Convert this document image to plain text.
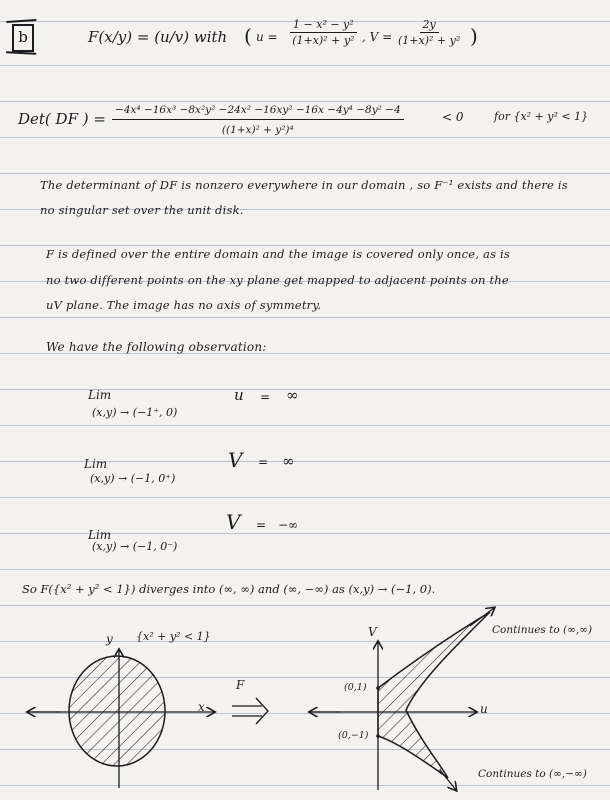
b	F(x/y) = (u/v) with ( $u = \frac{\text{1 − x² − y²}}{\text{(1+x)² + y²}}$ , $V = \frac{2y}{\text{(1+x)² + y²}}$ )
Det( DF ) = $\frac{\text{−4x⁴ −16x³ −8x²y² −24x² −16xy² −16x −4y⁴ −8y² −4}}{\text{((1+x)² + y²)⁴}}$	< 0	for {x² + y² < 1}
The determinant of DF is nonzero everywhere in our domain , so F⁻¹ exists and there is
no singular set over the unit disk.
F is defined over the entire domain and the image is covered only once, as is
no two different points on the xy plane get mapped to adjacent points on the
uV plane. The image has no axis of symmetry.
We have the following observation:
Lim
(x,y) → (−1⁺, 0)
u = ∞
Lim
(x,y) → (−1, 0⁺)
V = ∞
Lim
(x,y) → (−1, 0⁻)
V = −∞
So F({x² + y² < 1}) diverges into (∞, ∞) and (∞, −∞) as (x,y) → (−1, 0).
y
x
{x² + y² < 1}
F
V
u
(0,1)
(0,−1)
Continues to (∞,∞)
Continues to (∞,−∞)
